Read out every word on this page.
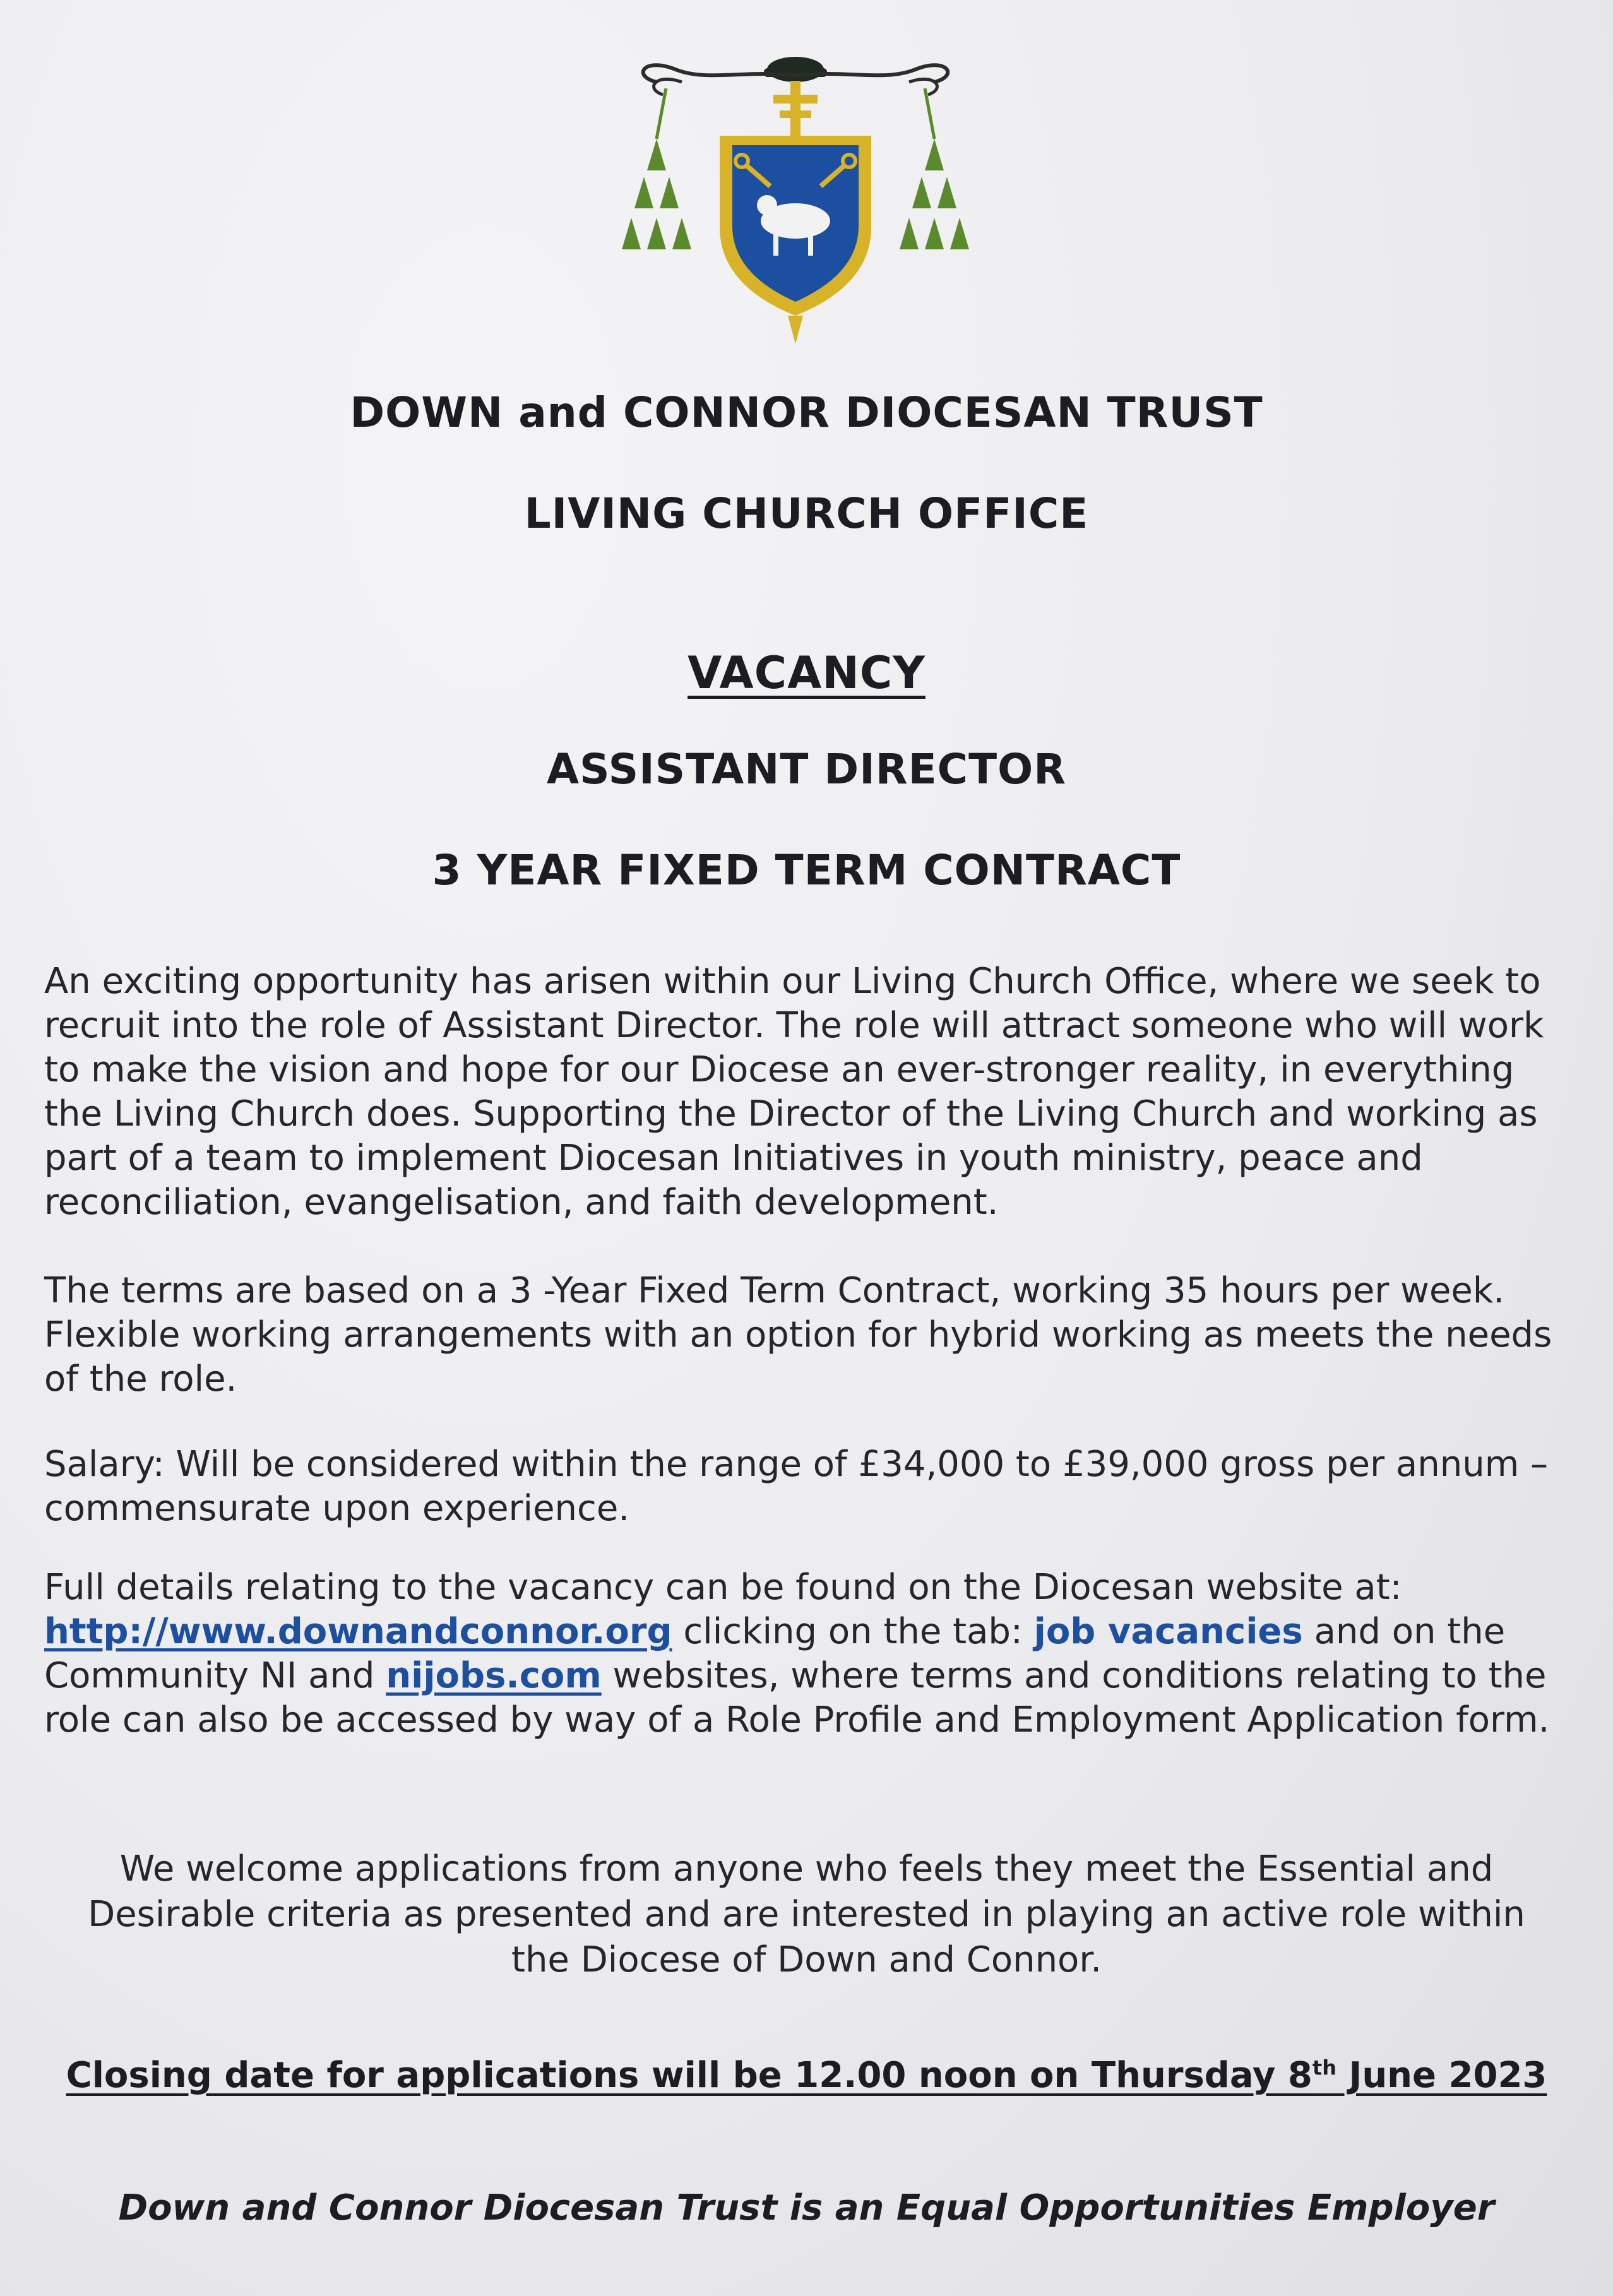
DOWN and CONNOR DIOCESAN TRUST
LIVING CHURCH OFFICE
VACANCY
ASSISTANT DIRECTOR
3 YEAR FIXED TERM CONTRACT
An exciting opportunity has arisen within our Living Church Office, where we seek to recruit into the role of Assistant Director. The role will attract someone who will work to make the vision and hope for our Diocese an ever-stronger reality, in everything the Living Church does. Supporting the Director of the Living Church and working as part of a team to implement Diocesan Initiatives in youth ministry, peace and reconciliation, evangelisation, and faith development.
The terms are based on a 3 -Year Fixed Term Contract, working 35 hours per week. Flexible working arrangements with an option for hybrid working as meets the needs of the role.
Salary: Will be considered within the range of £34,000 to £39,000 gross per annum – commensurate upon experience.
Full details relating to the vacancy can be found on the Diocesan website at: http://www.downandconnor.org clicking on the tab: job vacancies and on the Community NI and nijobs.com websites, where terms and conditions relating to the role can also be accessed by way of a Role Profile and Employment Application form.
We welcome applications from anyone who feels they meet the Essential and Desirable criteria as presented and are interested in playing an active role within the Diocese of Down and Connor.
Closing date for applications will be 12.00 noon on Thursday 8th June 2023
Down and Connor Diocesan Trust is an Equal Opportunities Employer
